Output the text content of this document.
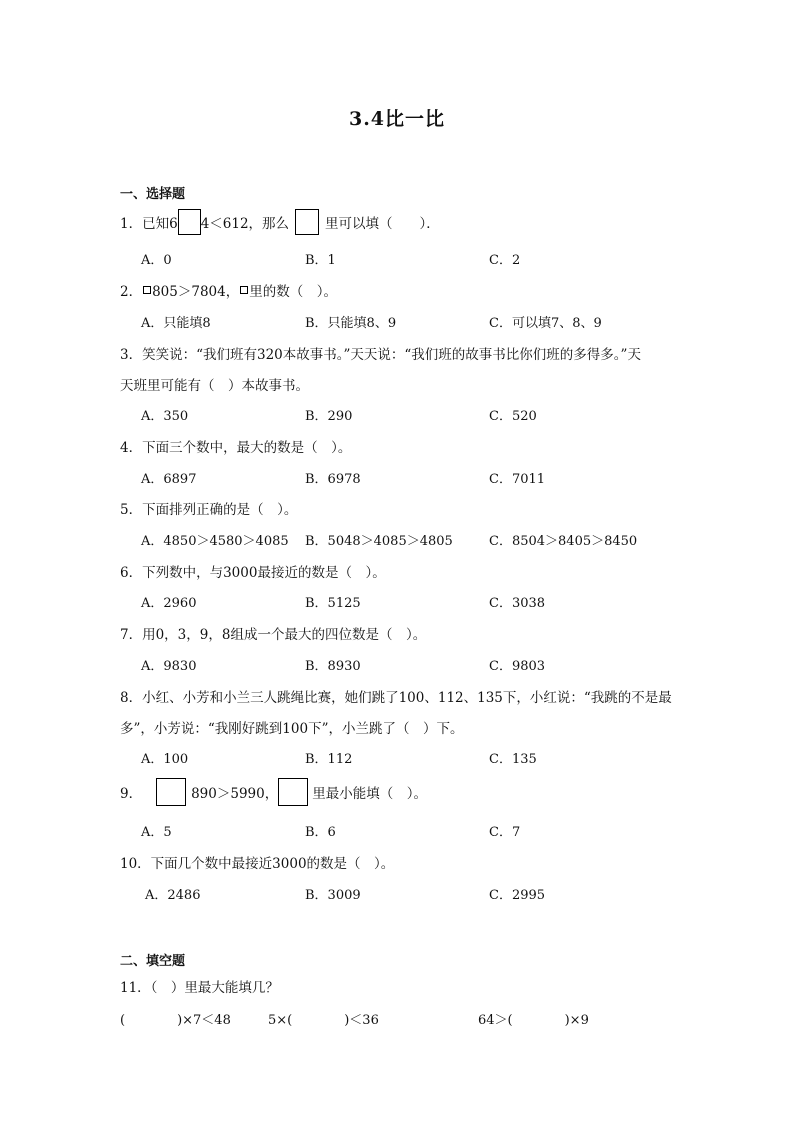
3.4比一比
一、选择题
1．已知6 4＜612，那么	里可以填（　　）．
A．0	B．1	C．2
2． 805＞7804， 里的数（　）。
A．只能填8	B．只能填8、9	C．可以填7、8、9
3．笑笑说：“我们班有320本故事书。”天天说：“我们班的故事书比你们班的多得多。”天
天班里可能有（　）本故事书。
A．350	B．290	C．520
4．下面三个数中，最大的数是（　）。
A．6897	B．6978	C．7011
5．下面排列正确的是（　）。
A．4850＞4580＞4085 B．5048＞4085＞4805	C．8504＞8405＞8450
6．下列数中，与3000最接近的数是（　）。
A．2960	B．5125	C．3038
7．用0，3，9，8组成一个最大的四位数是（　）。
A．9830	B．8930	C．9803
8．小红、小芳和小兰三人跳绳比赛，她们跳了100、112、135下，小红说：“我跳的不是最
多”，小芳说：“我刚好跳到100下”，小兰跳了（　）下。
A．100	B．112	C．135
9．	890＞5990，	里最小能填（　）。
A．5	B．6	C．7
10．下面几个数中最接近3000的数是（　）。
A．2486	B．3009	C．2995
二、填空题
11．（　）里最大能填几？
(　　　　)×7＜48	5×(　　　　)＜36	64＞(　　　　)×9
